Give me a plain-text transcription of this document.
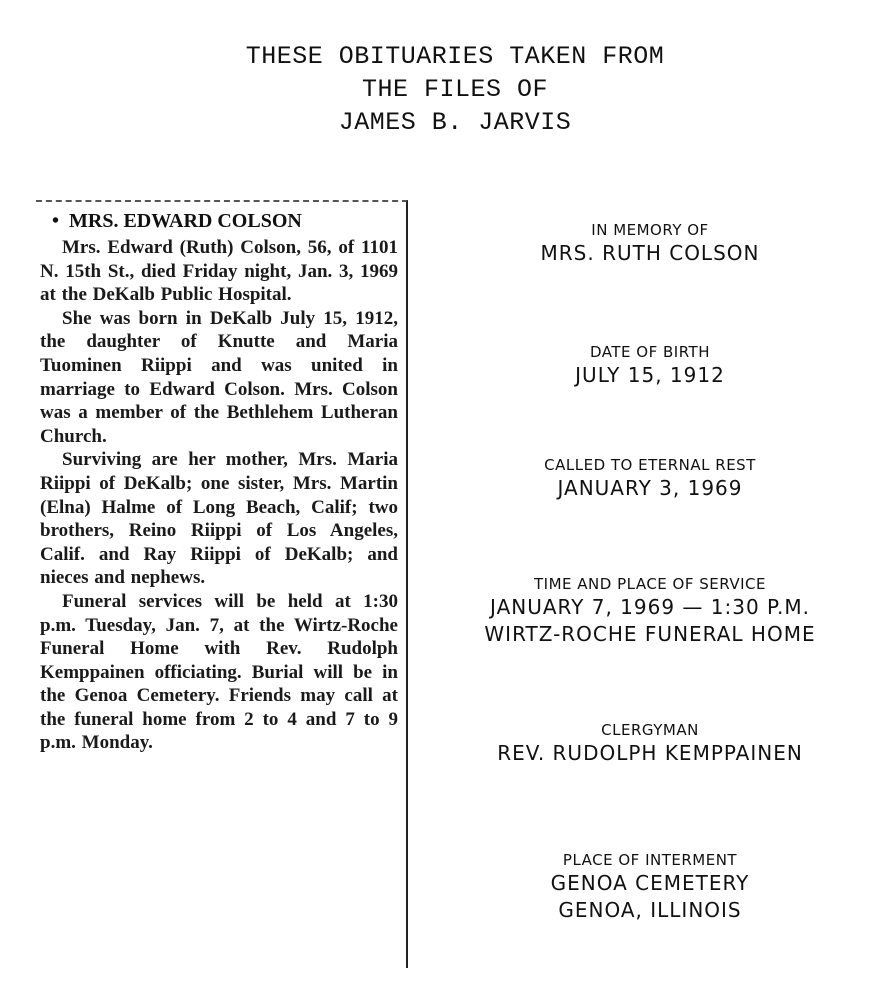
THESE OBITUARIES TAKEN FROM
THE FILES OF
JAMES B. JARVIS
• MRS. EDWARD COLSON

Mrs. Edward (Ruth) Colson, 56, of 1101 N. 15th St., died Friday night, Jan. 3, 1969 at the DeKalb Public Hospital.

She was born in DeKalb July 15, 1912, the daughter of Knutte and Maria Tuominen Riippi and was united in marriage to Edward Colson. Mrs. Colson was a member of the Bethlehem Lutheran Church.

Surviving are her mother, Mrs. Maria Riippi of DeKalb; one sister, Mrs. Martin (Elna) Halme of Long Beach, Calif; two brothers, Reino Riippi of Los Angeles, Calif. and Ray Riippi of DeKalb; and nieces and nephews.

Funeral services will be held at 1:30 p.m. Tuesday, Jan. 7, at the Wirtz-Roche Funeral Home with Rev. Rudolph Kemppainen officiating. Burial will be in the Genoa Cemetery. Friends may call at the funeral home from 2 to 4 and 7 to 9 p.m. Monday.

IN MEMORY OF
MRS. RUTH COLSON
DATE OF BIRTH
JULY 15, 1912
CALLED TO ETERNAL REST
JANUARY 3, 1969
TIME AND PLACE OF SERVICE
JANUARY 7, 1969 — 1:30 P.M.
WIRTZ-ROCHE FUNERAL HOME
CLERGYMAN
REV. RUDOLPH KEMPPAINEN
PLACE OF INTERMENT
GENOA CEMETERY
GENOA, ILLINOIS
